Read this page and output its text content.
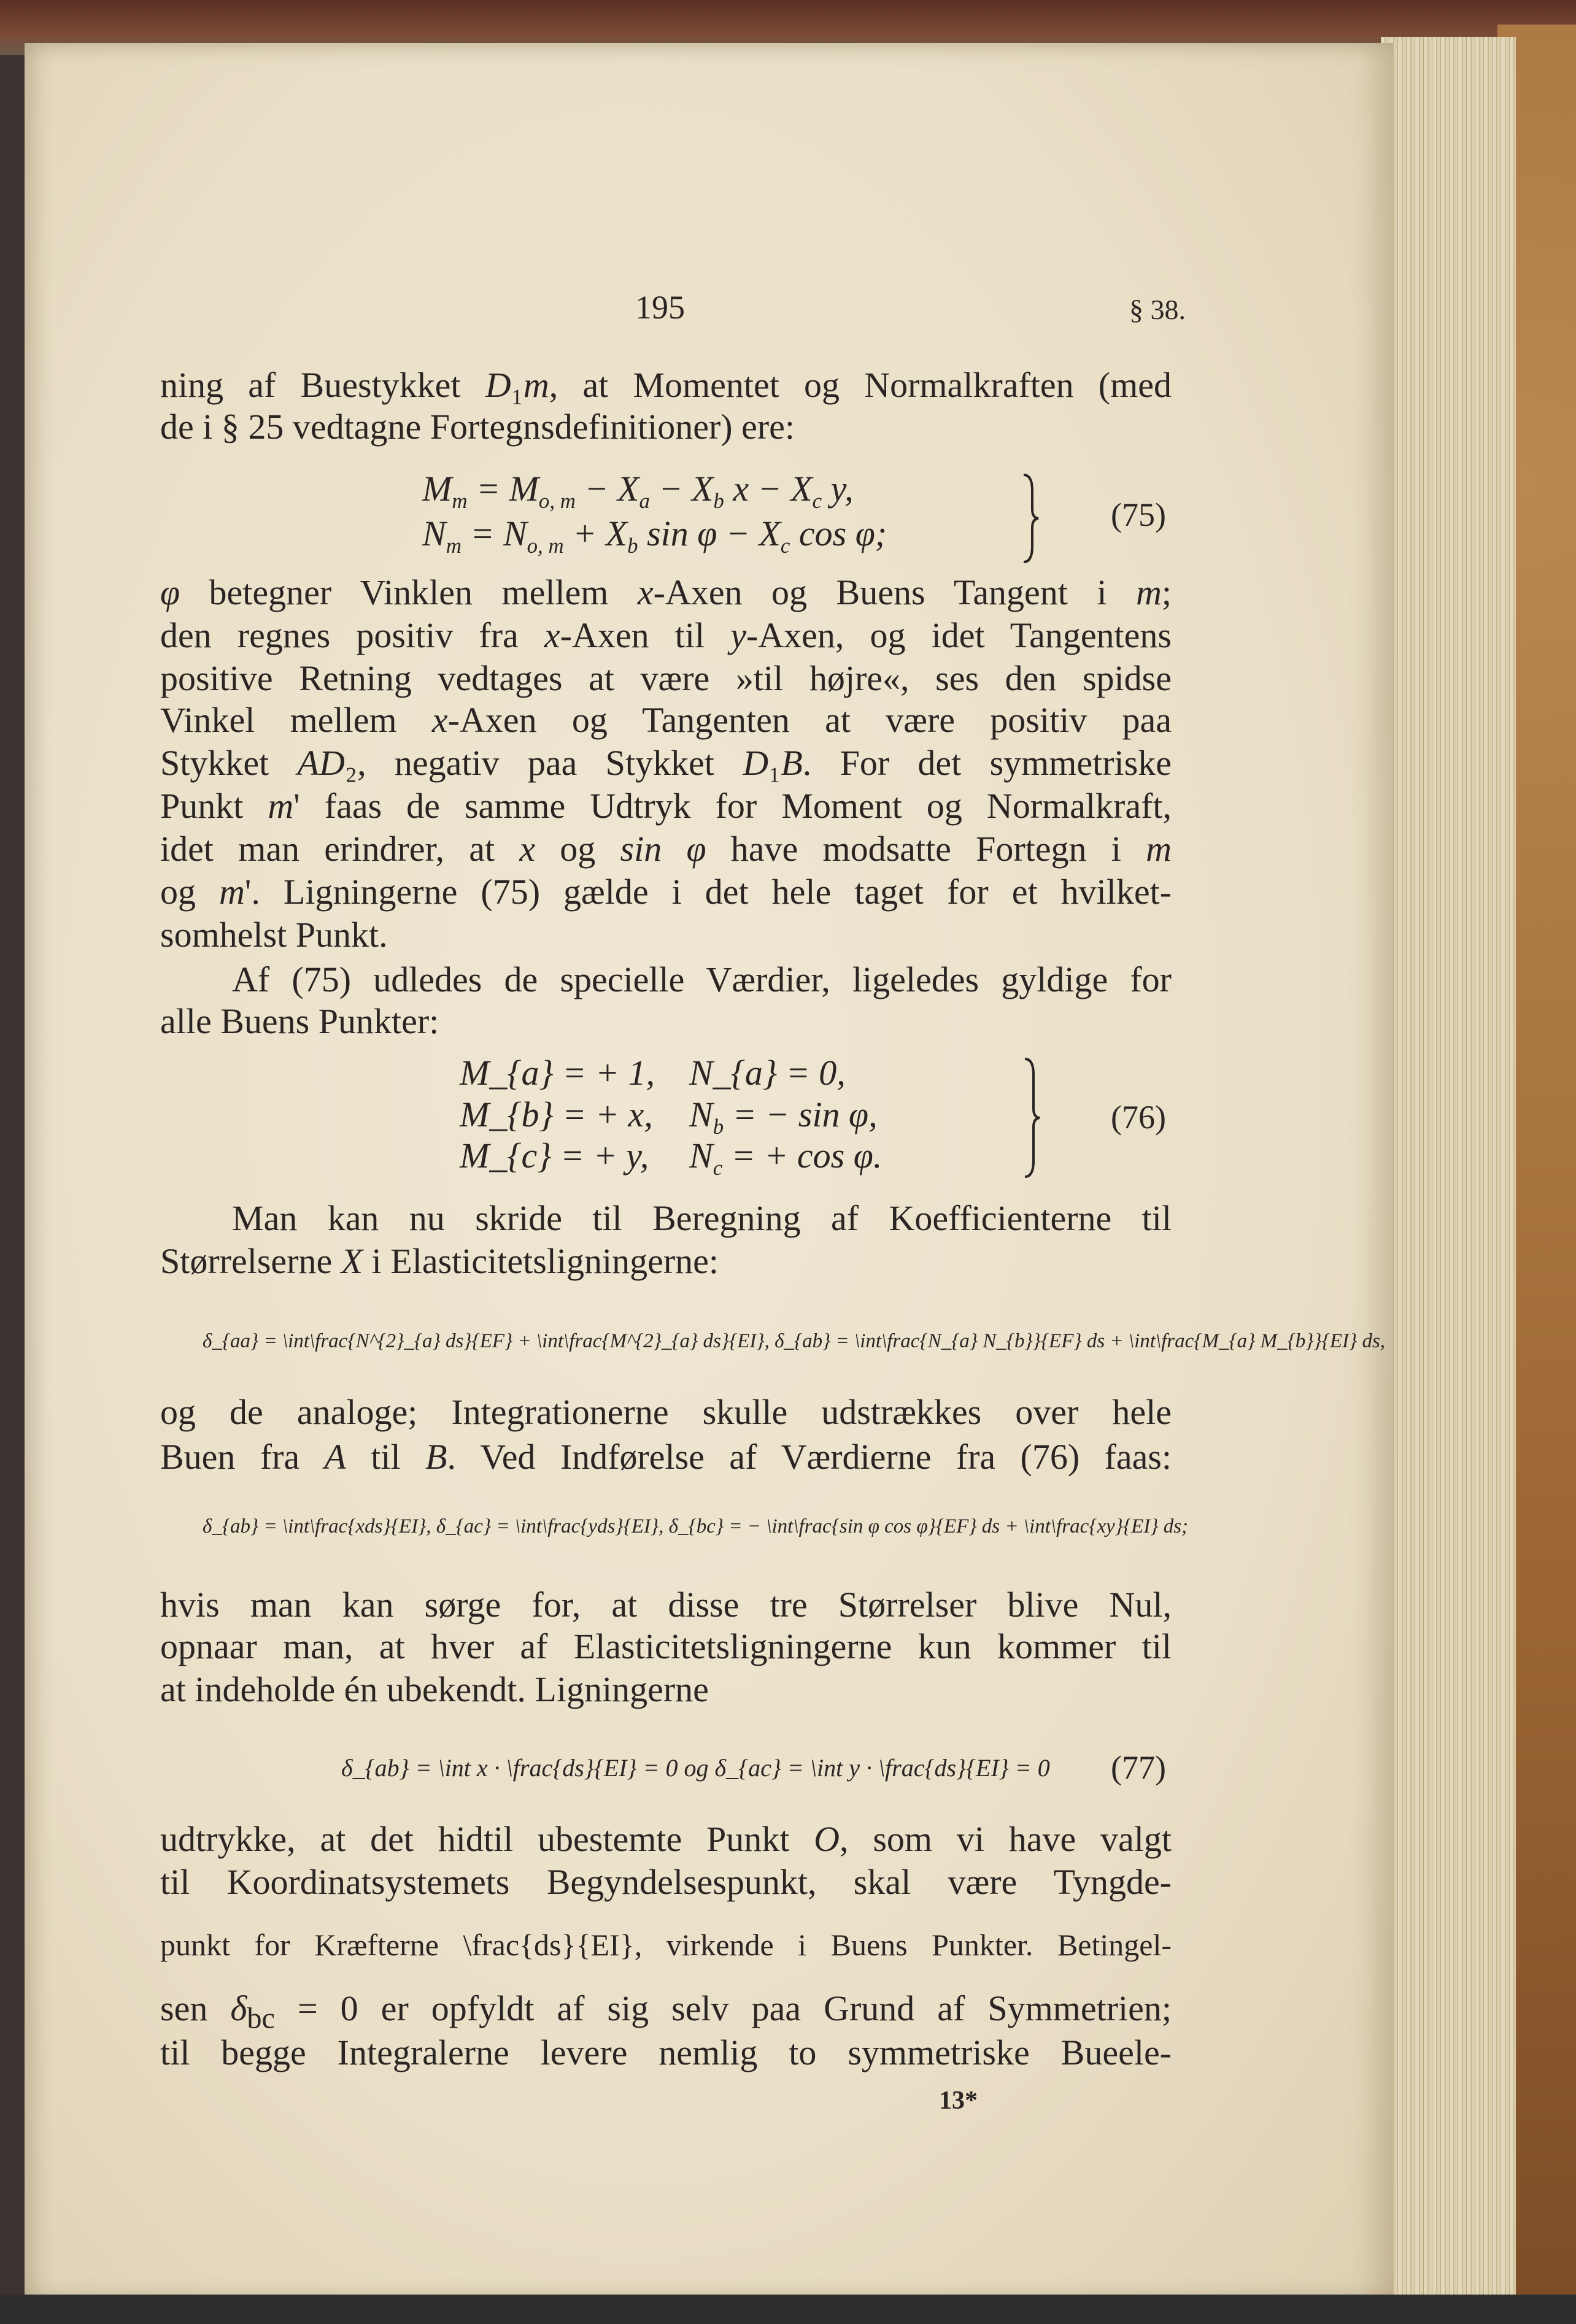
195	§ 38.
ning af Buestykket D₁m, at Momentet og Normalkraften (med
de i § 25 vedtagne Fortegnsdefinitioner) ere:
$M_m = M_{o, m} - X_a - X_b$ $x - X_c$ y,
$N_m = N_{o, m} + X_b$ $\sin \varphi - X_c$ cos φ;	(75)
φ betegner Vinklen mellem x-Axen og Buens Tangent i m;
den regnes positiv fra x-Axen til y-Axen, og idet Tangentens
positive Retning vedtages at være »til højre«, ses den spidse
Vinkel mellem x-Axen og Tangenten at være positiv paa
Stykket AD₂, negativ paa Stykket D₁B. For det symmetriske
Punkt m' faas de samme Udtryk for Moment og Normalkraft,
idet man erindrer, at x og sin φ have modsatte Fortegn i m
og m'. Ligningerne (75) gælde i det hele taget for et hvilket-
somhelst Punkt.
Af (75) udledes de specielle Værdier, ligeledes gyldige for
alle Buens Punkter:
M_{a} = + 1, N_{a} = 0,
M_{b} = + x, $N_b$ = − sin φ,
M_{c} = + y, $N_c$ = + cos φ.
(76)
Man kan nu skride til Beregning af Koefficienterne til
Størrelserne X i Elasticitetsligningerne:
δ_{aa} = \int\frac{N^{2}_{a} ds}{EF} + \int\frac{M^{2}_{a} ds}{EI}, δ_{ab} = \int\frac{N_{a} N_{b}}{EF} ds + \int\frac{M_{a} M_{b}}{EI} ds,
og de analoge; Integrationerne skulle udstrækkes over hele
Buen fra A til B. Ved Indførelse af Værdierne fra (76) faas:
δ_{ab} = \int\frac{xds}{EI}, δ_{ac} = \int\frac{yds}{EI}, δ_{bc} = − \int\frac{sin φ cos φ}{EF} ds + \int\frac{xy}{EI} ds;
hvis man kan sørge for, at disse tre Størrelser blive Nul,
opnaar man, at hver af Elasticitetsligningerne kun kommer til
at indeholde én ubekendt. Ligningerne
δ_{ab} = \int x · \frac{ds}{EI} = 0 og δ_{ac} = \int y · \frac{ds}{EI} = 0 (77)
udtrykke, at det hidtil ubestemte Punkt O, som vi have valgt
til Koordinatsystemets Begyndelsespunkt, skal være Tyngde-
punkt for Kræfterne \frac{ds}{EI}, virkende i Buens Punkter. Betingel-
sen $\delta_{bc} = 0$ er opfyldt af sig selv paa Grund af Symmetrien;
til begge Integralerne levere nemlig to symmetriske Bueele-
13*
